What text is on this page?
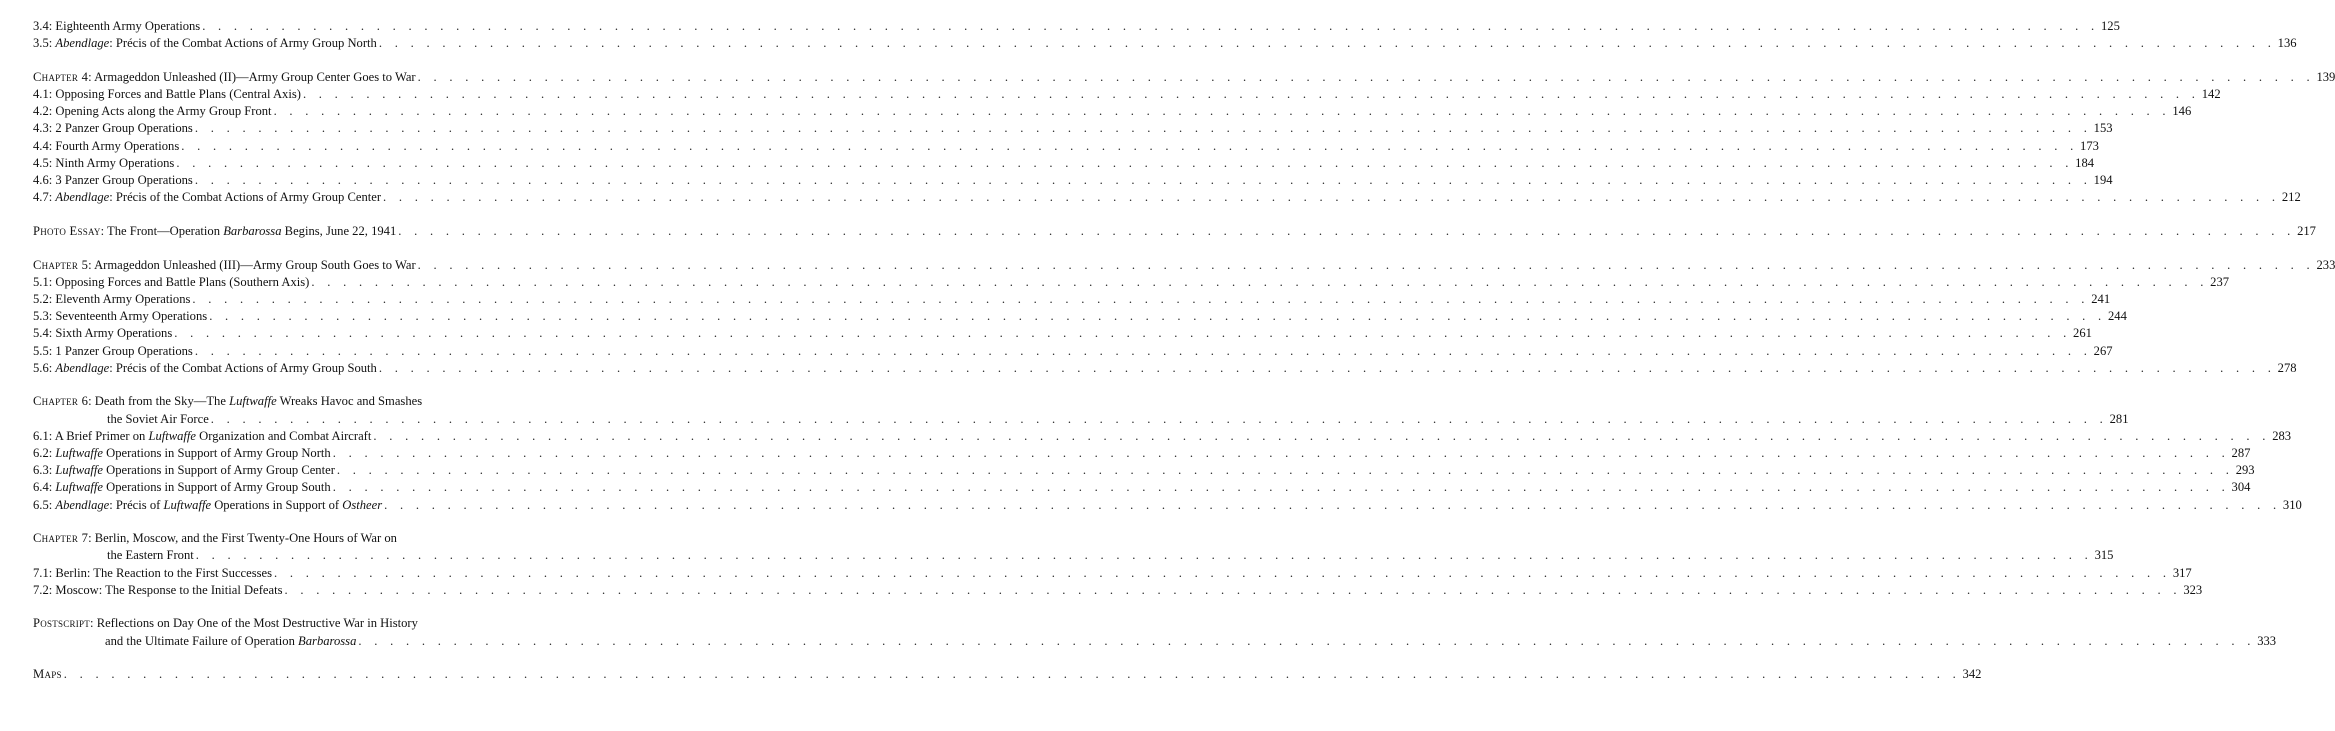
3.4: Eighteenth Army Operations . . . . . . . . . . . . . . . . . . . . . . . . . . . . . . . . . . . . . . . . . . . . . . . . . . . . . . . . . . . . . . . . . . . . . . . . . . . . . . . . . . . . . . . . . . . . . . . . . . . . . . . . . . . . . . . . . . . . . . . . 125
3.5: Abendlage: Précis of the Combat Actions of Army Group North . . . . . . . . . . . . . . . . . . . . . . . . . . . . . . . . . . . . . . . . . . . . . . . . . . . . . . . . . . . . . . . . . . . . . . . . . . . . . . . . . . . . . . . . . . . . . . . . . . . . . . . . . . . . . . . . . . . . . . . . 136
Chapter 4: Armageddon Unleashed (II)—Army Group Center Goes to War . . . . . . . . . . . . . . . . . . . . . . . . . . . . . . . . . . . . . . . . . . . . . . . . . . . . . . . . . . . . . . . . . . . . . . . . . . . . . . . . . . . . . . . . . . . . . . . . . . . . . . . . . . . . . . . . . . . . . . . . 139
4.1: Opposing Forces and Battle Plans (Central Axis) . . . . . . . . . . . . . . . . . . . . . . . . . . . . . . . . . . . . . . . . . . . . . . . . . . . . . . . . . . . . . . . . . . . . . . . . . . . . . . . . . . . . . . . . . . . . . . . . . . . . . . . . . . . . . . . . . . . . . . . . 142
4.2: Opening Acts along the Army Group Front . . . . . . . . . . . . . . . . . . . . . . . . . . . . . . . . . . . . . . . . . . . . . . . . . . . . . . . . . . . . . . . . . . . . . . . . . . . . . . . . . . . . . . . . . . . . . . . . . . . . . . . . . . . . . . . . . . . . . . . . 146
4.3: 2 Panzer Group Operations . . . . . . . . . . . . . . . . . . . . . . . . . . . . . . . . . . . . . . . . . . . . . . . . . . . . . . . . . . . . . . . . . . . . . . . . . . . . . . . . . . . . . . . . . . . . . . . . . . . . . . . . . . . . . . . . . . . . . . . . 153
4.4: Fourth Army Operations . . . . . . . . . . . . . . . . . . . . . . . . . . . . . . . . . . . . . . . . . . . . . . . . . . . . . . . . . . . . . . . . . . . . . . . . . . . . . . . . . . . . . . . . . . . . . . . . . . . . . . . . . . . . . . . . . . . . . . . . 173
4.5: Ninth Army Operations . . . . . . . . . . . . . . . . . . . . . . . . . . . . . . . . . . . . . . . . . . . . . . . . . . . . . . . . . . . . . . . . . . . . . . . . . . . . . . . . . . . . . . . . . . . . . . . . . . . . . . . . . . . . . . . . . . . . . . . . 184
4.6: 3 Panzer Group Operations . . . . . . . . . . . . . . . . . . . . . . . . . . . . . . . . . . . . . . . . . . . . . . . . . . . . . . . . . . . . . . . . . . . . . . . . . . . . . . . . . . . . . . . . . . . . . . . . . . . . . . . . . . . . . . . . . . . . . . . . 194
4.7: Abendlage: Précis of the Combat Actions of Army Group Center . . . . . . . . . . . . . . . . . . . . . . . . . . . . . . . . . . . . . . . . . . . . . . . . . . . . . . . . . . . . . . . . . . . . . . . . . . . . . . . . . . . . . . . . . . . . . . . . . . . . . . . . . . . . . . . . . . . . . . . . 212
Photo Essay: The Front—Operation Barbarossa Begins, June 22, 1941 . . . . . . . . . . . . . . . . . . . . . . . . . . . . . . . . . . . . . . . . . . . . . . . . . . . . . . . . . . . . . . . . . . . . . . . . . . . . . . . . . . . . . . . . . . . . . . . . . . . . . . . . . . . . . . . . . . . . . . . . 217
Chapter 5: Armageddon Unleashed (III)—Army Group South Goes to War . . . . . . . . . . . . . . . . . . . . . . . . . . . . . . . . . . . . . . . . . . . . . . . . . . . . . . . . . . . . . . . . . . . . . . . . . . . . . . . . . . . . . . . . . . . . . . . . . . . . . . . . . . . . . . . . . . . . . . . . 233
5.1: Opposing Forces and Battle Plans (Southern Axis) . . . . . . . . . . . . . . . . . . . . . . . . . . . . . . . . . . . . . . . . . . . . . . . . . . . . . . . . . . . . . . . . . . . . . . . . . . . . . . . . . . . . . . . . . . . . . . . . . . . . . . . . . . . . . . . . . . . . . . . . 237
5.2: Eleventh Army Operations . . . . . . . . . . . . . . . . . . . . . . . . . . . . . . . . . . . . . . . . . . . . . . . . . . . . . . . . . . . . . . . . . . . . . . . . . . . . . . . . . . . . . . . . . . . . . . . . . . . . . . . . . . . . . . . . . . . . . . . . 241
5.3: Seventeenth Army Operations . . . . . . . . . . . . . . . . . . . . . . . . . . . . . . . . . . . . . . . . . . . . . . . . . . . . . . . . . . . . . . . . . . . . . . . . . . . . . . . . . . . . . . . . . . . . . . . . . . . . . . . . . . . . . . . . . . . . . . . . 244
5.4: Sixth Army Operations . . . . . . . . . . . . . . . . . . . . . . . . . . . . . . . . . . . . . . . . . . . . . . . . . . . . . . . . . . . . . . . . . . . . . . . . . . . . . . . . . . . . . . . . . . . . . . . . . . . . . . . . . . . . . . . . . . . . . . . . 261
5.5: 1 Panzer Group Operations . . . . . . . . . . . . . . . . . . . . . . . . . . . . . . . . . . . . . . . . . . . . . . . . . . . . . . . . . . . . . . . . . . . . . . . . . . . . . . . . . . . . . . . . . . . . . . . . . . . . . . . . . . . . . . . . . . . . . . . . 267
5.6: Abendlage: Précis of the Combat Actions of Army Group South . . . . . . . . . . . . . . . . . . . . . . . . . . . . . . . . . . . . . . . . . . . . . . . . . . . . . . . . . . . . . . . . . . . . . . . . . . . . . . . . . . . . . . . . . . . . . . . . . . . . . . . . . . . . . . . . . . . . . . . . 278
Chapter 6: Death from the Sky—The Luftwaffe Wreaks Havoc and Smashes
the Soviet Air Force . . . . . . . . . . . . . . . . . . . . . . . . . . . . . . . . . . . . . . . . . . . . . . . . . . . . . . . . . . . . . . . . . . . . . . . . . . . . . . . . . . . . . . . . . . . . . . . . . . . . . . . . . . . . . . . . . . . . . . . . 281
6.1: A Brief Primer on Luftwaffe Organization and Combat Aircraft . . . . . . . . . . . . . . . . . . . . . . . . . . . . . . . . . . . . . . . . . . . . . . . . . . . . . . . . . . . . . . . . . . . . . . . . . . . . . . . . . . . . . . . . . . . . . . . . . . . . . . . . . . . . . . . . . . . . . . . . 283
6.2: Luftwaffe Operations in Support of Army Group North . . . . . . . . . . . . . . . . . . . . . . . . . . . . . . . . . . . . . . . . . . . . . . . . . . . . . . . . . . . . . . . . . . . . . . . . . . . . . . . . . . . . . . . . . . . . . . . . . . . . . . . . . . . . . . . . . . . . . . . . 287
6.3: Luftwaffe Operations in Support of Army Group Center . . . . . . . . . . . . . . . . . . . . . . . . . . . . . . . . . . . . . . . . . . . . . . . . . . . . . . . . . . . . . . . . . . . . . . . . . . . . . . . . . . . . . . . . . . . . . . . . . . . . . . . . . . . . . . . . . . . . . . . . 293
6.4: Luftwaffe Operations in Support of Army Group South . . . . . . . . . . . . . . . . . . . . . . . . . . . . . . . . . . . . . . . . . . . . . . . . . . . . . . . . . . . . . . . . . . . . . . . . . . . . . . . . . . . . . . . . . . . . . . . . . . . . . . . . . . . . . . . . . . . . . . . . 304
6.5: Abendlage: Précis of Luftwaffe Operations in Support of Ostheer . . . . . . . . . . . . . . . . . . . . . . . . . . . . . . . . . . . . . . . . . . . . . . . . . . . . . . . . . . . . . . . . . . . . . . . . . . . . . . . . . . . . . . . . . . . . . . . . . . . . . . . . . . . . . . . . . . . . . . . . 310
Chapter 7: Berlin, Moscow, and the First Twenty-One Hours of War on
the Eastern Front . . . . . . . . . . . . . . . . . . . . . . . . . . . . . . . . . . . . . . . . . . . . . . . . . . . . . . . . . . . . . . . . . . . . . . . . . . . . . . . . . . . . . . . . . . . . . . . . . . . . . . . . . . . . . . . . . . . . . . . . 315
7.1: Berlin: The Reaction to the First Successes . . . . . . . . . . . . . . . . . . . . . . . . . . . . . . . . . . . . . . . . . . . . . . . . . . . . . . . . . . . . . . . . . . . . . . . . . . . . . . . . . . . . . . . . . . . . . . . . . . . . . . . . . . . . . . . . . . . . . . . . 317
7.2: Moscow: The Response to the Initial Defeats . . . . . . . . . . . . . . . . . . . . . . . . . . . . . . . . . . . . . . . . . . . . . . . . . . . . . . . . . . . . . . . . . . . . . . . . . . . . . . . . . . . . . . . . . . . . . . . . . . . . . . . . . . . . . . . . . . . . . . . . 323
Postscript: Reflections on Day One of the Most Destructive War in History
and the Ultimate Failure of Operation Barbarossa . . . . . . . . . . . . . . . . . . . . . . . . . . . . . . . . . . . . . . . . . . . . . . . . . . . . . . . . . . . . . . . . . . . . . . . . . . . . . . . . . . . . . . . . . . . . . . . . . . . . . . . . . . . . . . . . . . . . . . . . 333
Maps . . . . . . . . . . . . . . . . . . . . . . . . . . . . . . . . . . . . . . . . . . . . . . . . . . . . . . . . . . . . . . . . . . . . . . . . . . . . . . . . . . . . . . . . . . . . . . . . . . . . . . . . . . . . . . . . . . . . . . . . 342
